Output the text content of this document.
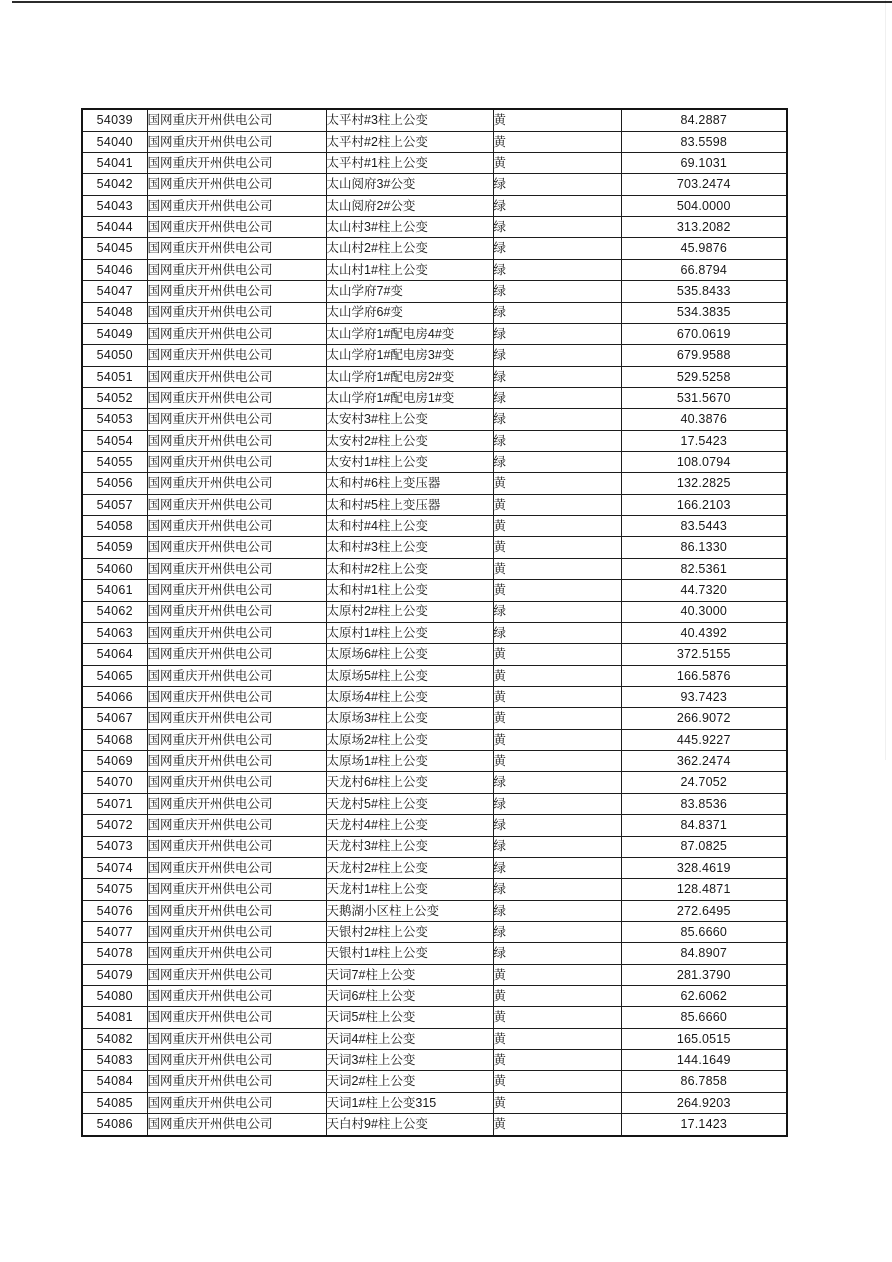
54039	国网重庆开州供电公司	太平村#3柱上公变	黄	84.2887
54040	国网重庆开州供电公司	太平村#2柱上公变	黄	83.5598
54041	国网重庆开州供电公司	太平村#1柱上公变	黄	69.1031
54042	国网重庆开州供电公司	太山阅府3#公变	绿	703.2474
54043	国网重庆开州供电公司	太山阅府2#公变	绿	504.0000
54044	国网重庆开州供电公司	太山村3#柱上公变	绿	313.2082
54045	国网重庆开州供电公司	太山村2#柱上公变	绿	45.9876
54046	国网重庆开州供电公司	太山村1#柱上公变	绿	66.8794
54047	国网重庆开州供电公司	太山学府7#变	绿	535.8433
54048	国网重庆开州供电公司	太山学府6#变	绿	534.3835
54049	国网重庆开州供电公司	太山学府1#配电房4#变	绿	670.0619
54050	国网重庆开州供电公司	太山学府1#配电房3#变	绿	679.9588
54051	国网重庆开州供电公司	太山学府1#配电房2#变	绿	529.5258
54052	国网重庆开州供电公司	太山学府1#配电房1#变	绿	531.5670
54053	国网重庆开州供电公司	太安村3#柱上公变	绿	40.3876
54054	国网重庆开州供电公司	太安村2#柱上公变	绿	17.5423
54055	国网重庆开州供电公司	太安村1#柱上公变	绿	108.0794
54056	国网重庆开州供电公司	太和村#6柱上变压器	黄	132.2825
54057	国网重庆开州供电公司	太和村#5柱上变压器	黄	166.2103
54058	国网重庆开州供电公司	太和村#4柱上公变	黄	83.5443
54059	国网重庆开州供电公司	太和村#3柱上公变	黄	86.1330
54060	国网重庆开州供电公司	太和村#2柱上公变	黄	82.5361
54061	国网重庆开州供电公司	太和村#1柱上公变	黄	44.7320
54062	国网重庆开州供电公司	太原村2#柱上公变	绿	40.3000
54063	国网重庆开州供电公司	太原村1#柱上公变	绿	40.4392
54064	国网重庆开州供电公司	太原场6#柱上公变	黄	372.5155
54065	国网重庆开州供电公司	太原场5#柱上公变	黄	166.5876
54066	国网重庆开州供电公司	太原场4#柱上公变	黄	93.7423
54067	国网重庆开州供电公司	太原场3#柱上公变	黄	266.9072
54068	国网重庆开州供电公司	太原场2#柱上公变	黄	445.9227
54069	国网重庆开州供电公司	太原场1#柱上公变	黄	362.2474
54070	国网重庆开州供电公司	天龙村6#柱上公变	绿	24.7052
54071	国网重庆开州供电公司	天龙村5#柱上公变	绿	83.8536
54072	国网重庆开州供电公司	天龙村4#柱上公变	绿	84.8371
54073	国网重庆开州供电公司	天龙村3#柱上公变	绿	87.0825
54074	国网重庆开州供电公司	天龙村2#柱上公变	绿	328.4619
54075	国网重庆开州供电公司	天龙村1#柱上公变	绿	128.4871
54076	国网重庆开州供电公司	天鹅湖小区柱上公变	绿	272.6495
54077	国网重庆开州供电公司	天银村2#柱上公变	绿	85.6660
54078	国网重庆开州供电公司	天银村1#柱上公变	绿	84.8907
54079	国网重庆开州供电公司	天词7#柱上公变	黄	281.3790
54080	国网重庆开州供电公司	天词6#柱上公变	黄	62.6062
54081	国网重庆开州供电公司	天词5#柱上公变	黄	85.6660
54082	国网重庆开州供电公司	天词4#柱上公变	黄	165.0515
54083	国网重庆开州供电公司	天词3#柱上公变	黄	144.1649
54084	国网重庆开州供电公司	天词2#柱上公变	黄	86.7858
54085	国网重庆开州供电公司	天词1#柱上公变315	黄	264.9203
54086	国网重庆开州供电公司	天白村9#柱上公变	黄	17.1423
